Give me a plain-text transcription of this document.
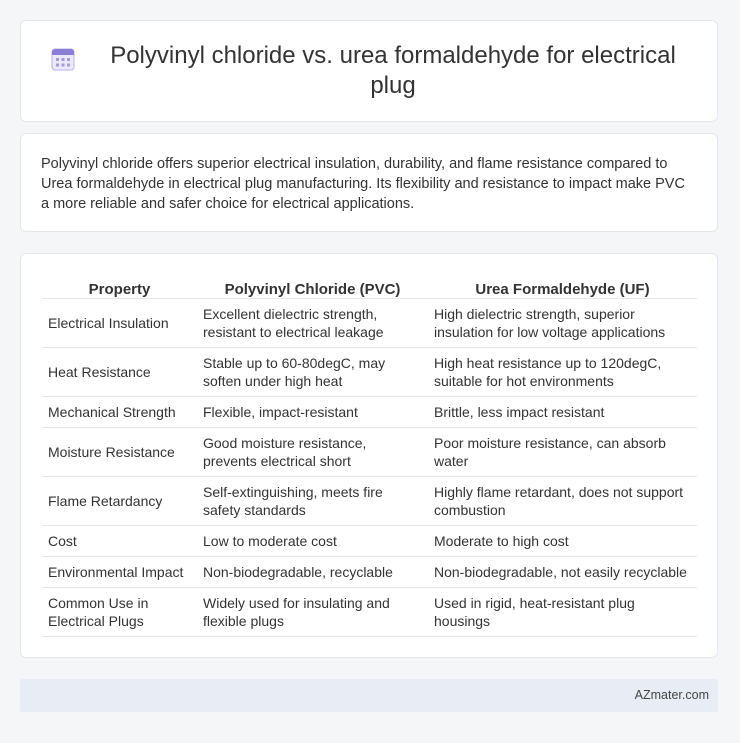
Polyvinyl chloride vs. urea formaldehyde for electrical plug

Polyvinyl chloride offers superior electrical insulation, durability, and flame resistance compared to Urea formaldehyde in electrical plug manufacturing. Its flexibility and resistance to impact make PVC a more reliable and safer choice for electrical applications.

Property	Polyvinyl Chloride (PVC)	Urea Formaldehyde (UF)
Electrical Insulation	Excellent dielectric strength, resistant to electrical leakage	High dielectric strength, superior insulation for low voltage applications
Heat Resistance	Stable up to 60-80degC, may soften under high heat	High heat resistance up to 120degC, suitable for hot environments
Mechanical Strength	Flexible, impact-resistant	Brittle, less impact resistant
Moisture Resistance	Good moisture resistance, prevents electrical short	Poor moisture resistance, can absorb water
Flame Retardancy	Self-extinguishing, meets fire safety standards	Highly flame retardant, does not support combustion
Cost	Low to moderate cost	Moderate to high cost
Environmental Impact	Non-biodegradable, recyclable	Non-biodegradable, not easily recyclable
Common Use in Electrical Plugs	Widely used for insulating and flexible plugs	Used in rigid, heat-resistant plug housings
AZmater.com
